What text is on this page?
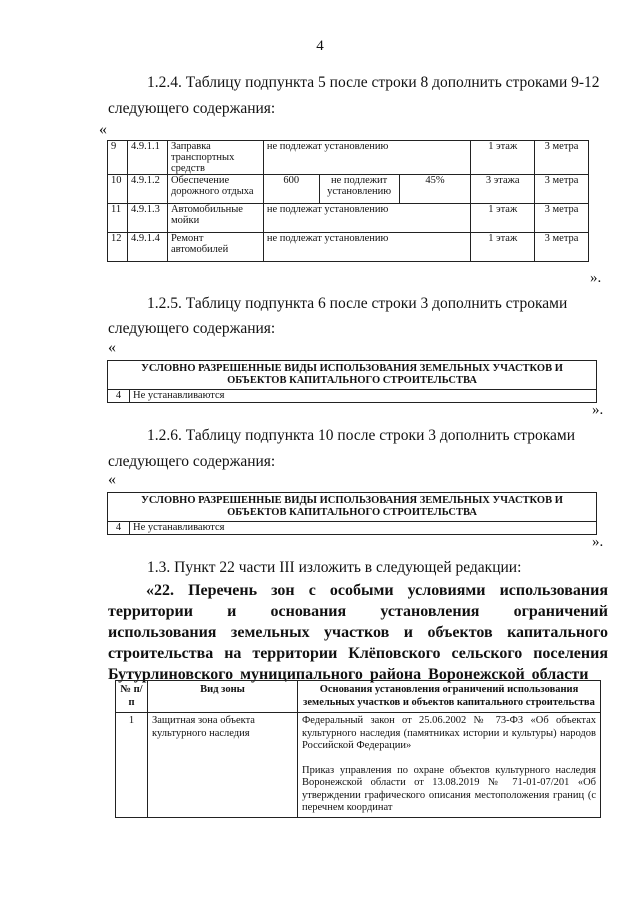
4
1.2.4. Таблицу подпункта 5 после строки 8 дополнить строками 9-12
следующего содержания:
«
9	4.9.1.1	Заправка транспортных средств	не подлежат установлению			1 этаж	3 метра
10	4.9.1.2	Обеспечение дорожного отдыха	600	не подлежит установлению	45%	3 этажа	3 метра
11	4.9.1.3	Автомобильные мойки	не подлежат установлению			1 этаж	3 метра
12	4.9.1.4	Ремонт автомобилей	не подлежат установлению			1 этаж	3 метра
».
1.2.5. Таблицу подпункта 6 после строки 3 дополнить строками
следующего содержания:
«
УСЛОВНО РАЗРЕШЕННЫЕ ВИДЫ ИСПОЛЬЗОВАНИЯ ЗЕМЕЛЬНЫХ УЧАСТКОВ И ОБЪЕКТОВ КАПИТАЛЬНОГО СТРОИТЕЛЬСТВА
4	Не устанавливаются
».
1.2.6. Таблицу подпункта 10 после строки 3 дополнить строками
следующего содержания:
«
УСЛОВНО РАЗРЕШЕННЫЕ ВИДЫ ИСПОЛЬЗОВАНИЯ ЗЕМЕЛЬНЫХ УЧАСТКОВ И ОБЪЕКТОВ КАПИТАЛЬНОГО СТРОИТЕЛЬСТВА
4	Не устанавливаются
».
1.3. Пункт 22 части III изложить в следующей редакции:
«22. Перечень зон с особыми условиями использования территории и основания установления ограничений использования земельных участков и объектов капитального строительства на территории Клёповского сельского поселения Бутурлиновского муниципального района Воронежской области
№ п/п	Вид зоны	Основания установления ограничений использования земельных участков и объектов капитального строительства
1	Защитная зона объекта культурного наследия	Федеральный закон от 25.06.2002 № 73-ФЗ «Об объектах культурного наследия (памятниках истории и культуры) народов Российской Федерации»
Приказ управления по охране объектов культурного наследия Воронежской области от 13.08.2019 № 71-01-07/201 «Об утверждении графического описания местоположения границ (с перечнем координат
